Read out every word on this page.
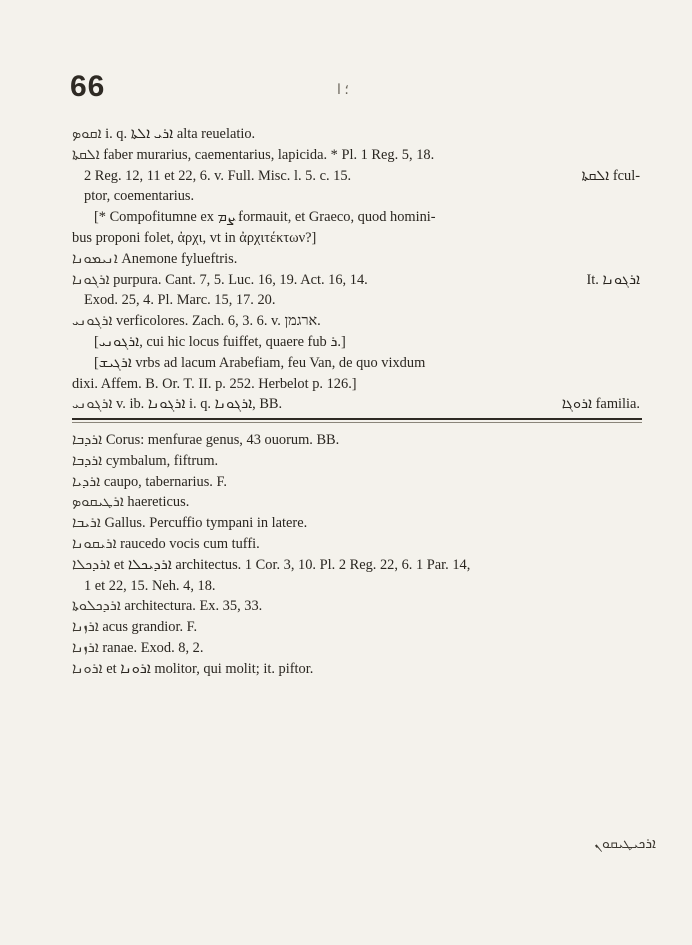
66	؛ ا
ܐܩܘܤ i. q. ܐܪܝ ܐܠܬܐ alta reuelatio.
ܐܠܩܬܐ faber murarius, caementarius, lapicida. * Pl. 1 Reg. 5, 18.
2 Reg. 12, 11 et 22, 6. v. Full. Misc. l. 5. c. 15.	ܐܠܩܬܐ fcul-
ptor, coementarius.
[* Compofitumne ex ܨܡ formauit, et Graeco, quod homini-
bus proponi folet, ἀρχι, vt in ἀρχιτέκτων?]
ܐܢܝܡܘܢܐ Anemone fylueftris.
ܐܪܓܘܢܐ purpura. Cant. 7, 5. Luc. 16, 19. Act. 16, 14.	It. ܐܪܓܘܢܐ
Exod. 25, 4. Pl. Marc. 15, 17. 20.
ܐܪܓܘܢܝ verficolores. Zach. 6, 3. 6. v. ארגמן.
[ܐܪܓܘܢܝ, cui hic locus fuiffet, quaere fub ܪ.]
[ܐܪܓܝܫ vrbs ad lacum Arabefiam, feu Van, de quo vixdum
dixi. Affem. B. Or. T. II. p. 252. Herbelot p. 126.]
ܐܪܓܘܢܝ v. ib. ܐܪܓܘܢܐ i. q. ܐܪܓܘܢܐ, BB.	ܐܪܘܓܐ familia.
ܐܪܕܒܐ Corus: menfurae genus, 43 ouorum. BB.
ܐܪܕܒܐ cymbalum, fiftrum.
ܐܪܕܝܐ caupo, tabernarius. F.
ܐܪܛܝܩܘܤ haereticus.
ܐܪܝܒܐ Gallus. Percuffio tympani in latere.
ܐܪܝܩܘܢܐ raucedo vocis cum tuffi.
ܐܪܕܟܠܐ et ܐܪܕܝܟܠܐ architectus. 1 Cor. 3, 10. Pl. 2 Reg. 22, 6. 1 Par. 14,
1 et 22, 15. Neh. 4, 18.
ܐܪܕܟܠܘܬܐ architectura. Ex. 35, 33.
ܐܪܙܢܐ acus grandior. F.
ܐܪܙܢܐ ranae. Exod. 8, 2.
ܐܪܘܢܐ et ܐܪܘܢܐ molitor, qui molit; it. piftor.
ܐܪܟܝܛܝܩܘܢ
